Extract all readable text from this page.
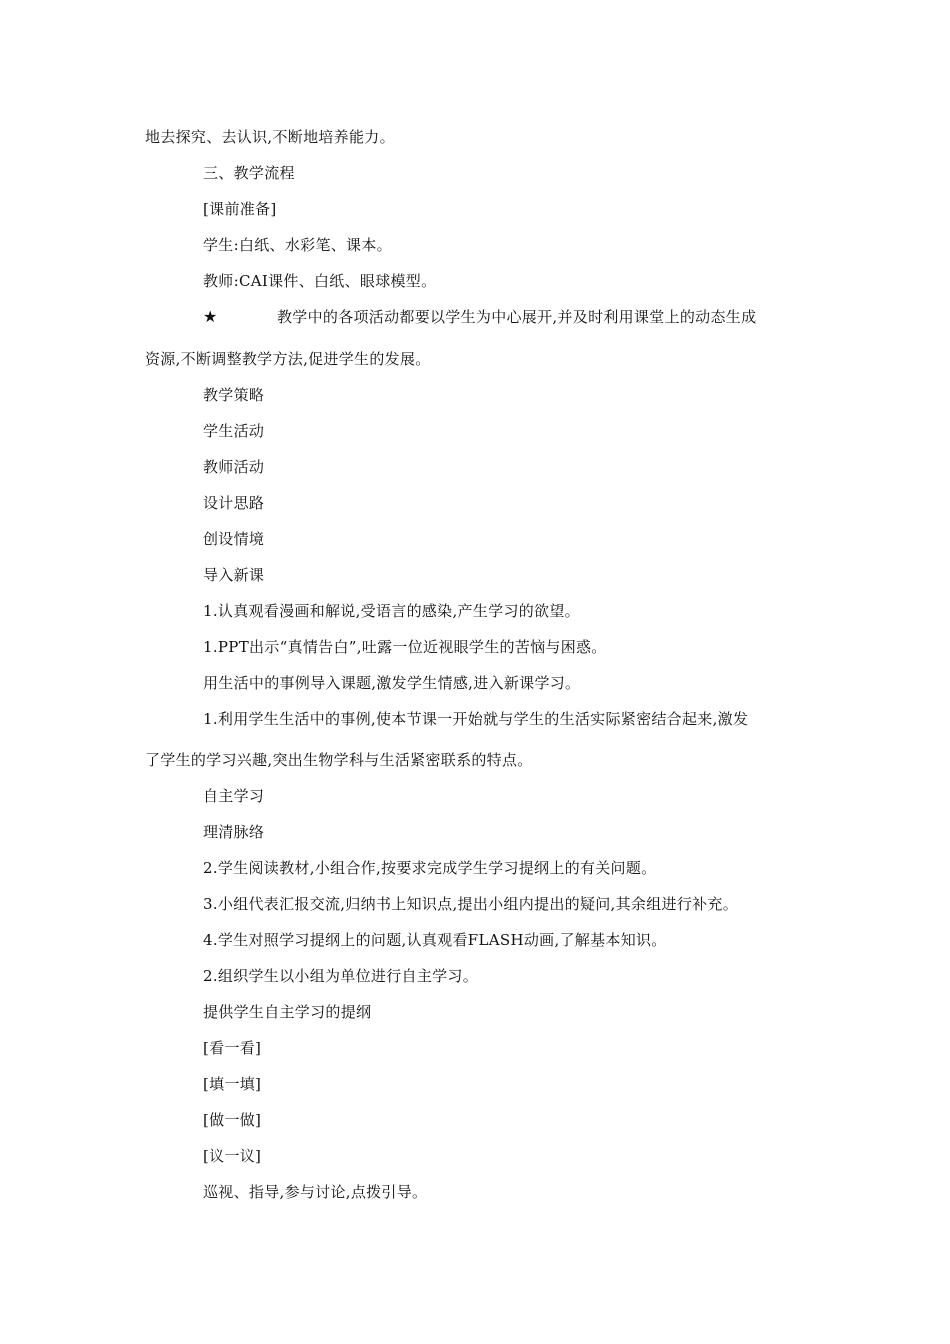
地去探究、去认识,不断地培养能力。
三、教学流程
[课前准备]
学生:白纸、水彩笔、课本。
教师:CAI课件、白纸、眼球模型。
★	教学中的各项活动都要以学生为中心展开,并及时利用课堂上的动态生成
资源,不断调整教学方法,促进学生的发展。
教学策略
学生活动
教师活动
设计思路
创设情境
导入新课
1.认真观看漫画和解说,受语言的感染,产生学习的欲望。
1.PPT出示“真情告白”,吐露一位近视眼学生的苦恼与困惑。
用生活中的事例导入课题,激发学生情感,进入新课学习。
1.利用学生生活中的事例,使本节课一开始就与学生的生活实际紧密结合起来,激发
了学生的学习兴趣,突出生物学科与生活紧密联系的特点。
自主学习
理清脉络
2.学生阅读教材,小组合作,按要求完成学生学习提纲上的有关问题。
3.小组代表汇报交流,归纳书上知识点,提出小组内提出的疑问,其余组进行补充。
4.学生对照学习提纲上的问题,认真观看FLASH动画,了解基本知识。
2.组织学生以小组为单位进行自主学习。
提供学生自主学习的提纲
[看一看]
[填一填]
[做一做]
[议一议]
巡视、指导,参与讨论,点拨引导。
